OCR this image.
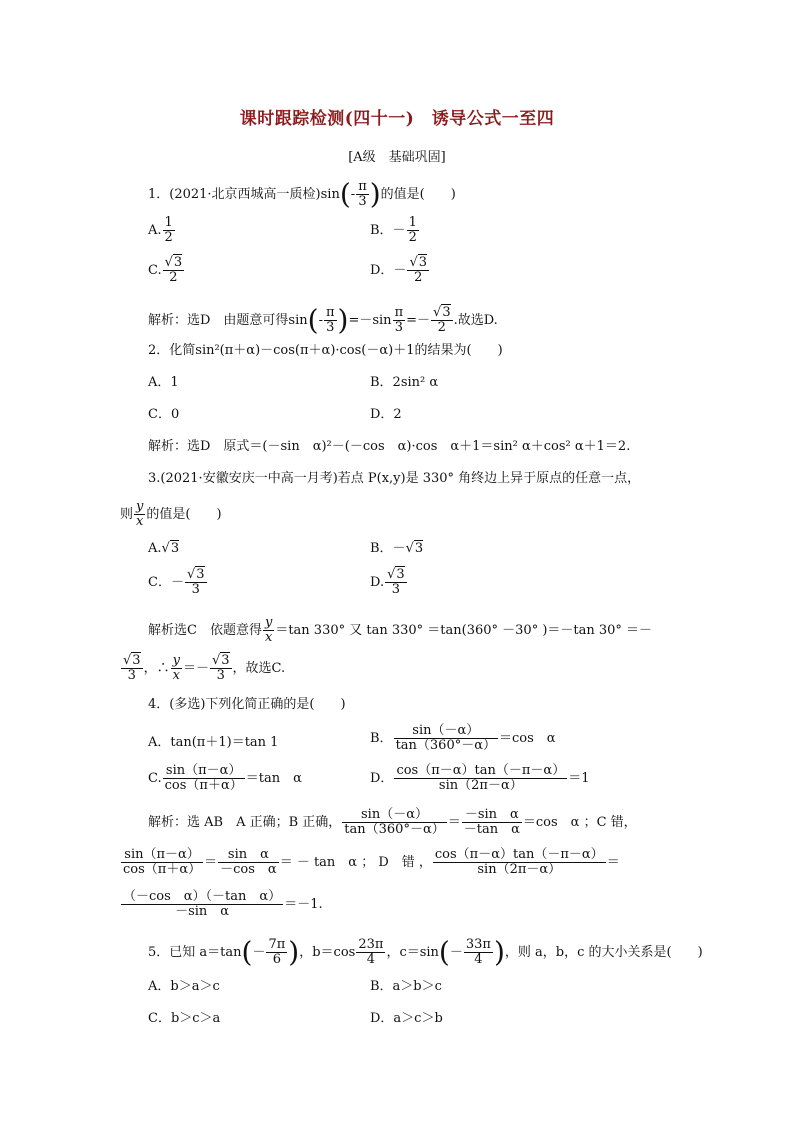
课时跟踪检测(四十一)　诱导公式一至四
[A级　基础巩固]
1．(2021·北京西城高一质检)$\sin(- \frac{\pi}{3}$ )的值是(　　)
A. $\frac{1}{2}$	B．－ $\frac{1}{2}$
C. $\frac{√3}{2}$	D．－ $\frac{√3}{2}$
解析：选D　由题意可得$\sin(- \frac{\pi}{3} )=-\sin \frac{\pi}{3} =- \frac{√3}{2}$ .故选D.
2．化简sin²(π＋α)－cos(π＋α)·cos(－α)＋1的结果为(　　)
A．1	B．2sin² α
C．0	D．2
解析：选D　原式＝(－sin　α)²－(－cos　α)·cos　α＋1＝sin² α＋cos² α＋1＝2.
3.(2021·安徽安庆一中高一月考)若点 P(x,y)是 330° 角终边上异于原点的任意一点，
则 $\frac{y}{x}$ 的值是(　　)
A.√3	B．－√3
C．－ $\frac{√3}{3}$	D. $\frac{√3}{3}$
解析选C　依题意得 $\frac{y}{x} =\tan$ 330° 又 tan 330° ＝tan(360° －30° )＝－tan 30° ＝－
$\frac{√3}{3}$ ，∴ $\frac{y}{x} =- \frac{√3}{3}$ ，故选C.
4．(多选)下列化简正确的是(　　)
A．tan(π＋1)＝tan 1	B． $\frac{\sin(-\alpha)}{\tan(360^\circ-\alpha)} =\cos$　α
C. $\frac{\sin(\pi-\alpha)}{\cos(\pi+\alpha)} =\tan$　α	D． $\frac{\cos(\pi-\alpha)\tan(-\pi-\alpha)}{\sin(2\pi-\alpha)} =1$
解析：选 AB　A 正确；B 正确， $\frac{\sin(-\alpha)}{\tan(360^\circ-\alpha)} = \frac{\text{－sin　α}}{\text{－tan　α}} =\cos$　α ；C 错，
$\frac{\sin(\pi-\alpha)}{\cos(\pi+\alpha)} = \frac{\text{sin　α}}{\text{－cos　α}}$ ＝ － tan　α ； D　错 ， $\frac{\cos(\pi-\alpha)\tan(-\pi-\alpha)}{\sin(2\pi-\alpha)}$ ＝
$\frac{\text{（－cos　α）（－tan　α）}}{\text{－sin　α}} =-1$.
5．已知 $a=\tan(- \frac{7\pi}{6}$ )，$b=\cos \frac{23\pi}{4}$ ，$c=\sin(- \frac{33\pi}{4}$ )，则 a，b，c 的大小关系是(　　)
A．b＞a＞c	B．a＞b＞c
C．b＞c＞a	D．a＞c＞b
